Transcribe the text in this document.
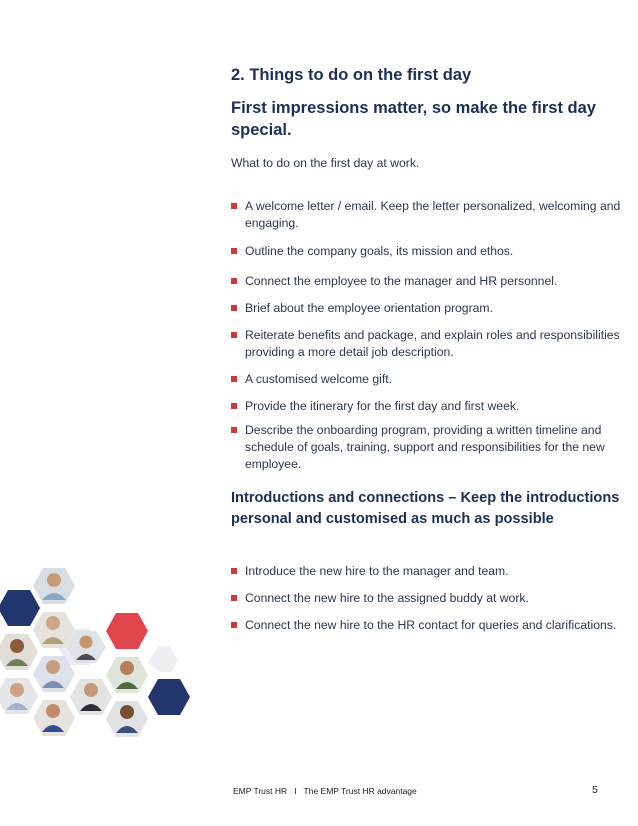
2. Things to do on the first day
First impressions matter, so make the first day special.
What to do on the first day at work.
A welcome letter / email. Keep the letter personalized, welcoming and engaging.
Outline the company goals, its mission and ethos.
Connect the employee to the manager and HR personnel.
Brief about the employee orientation program.
Reiterate benefits and package, and explain roles and responsibilities providing a more detail job description.
A customised welcome gift.
Provide the itinerary for the first day and first week.
Describe the onboarding program, providing a written timeline and schedule of goals, training, support and responsibilities for the new employee.
Introductions and connections – Keep the introductions personal and customised as much as possible
Introduce the new hire to the manager and team.
Connect the new hire to the assigned buddy at work.
Connect the new hire to the HR contact for queries and clarifications.
EMP Trust HR   I   The EMP Trust HR advantage	5
